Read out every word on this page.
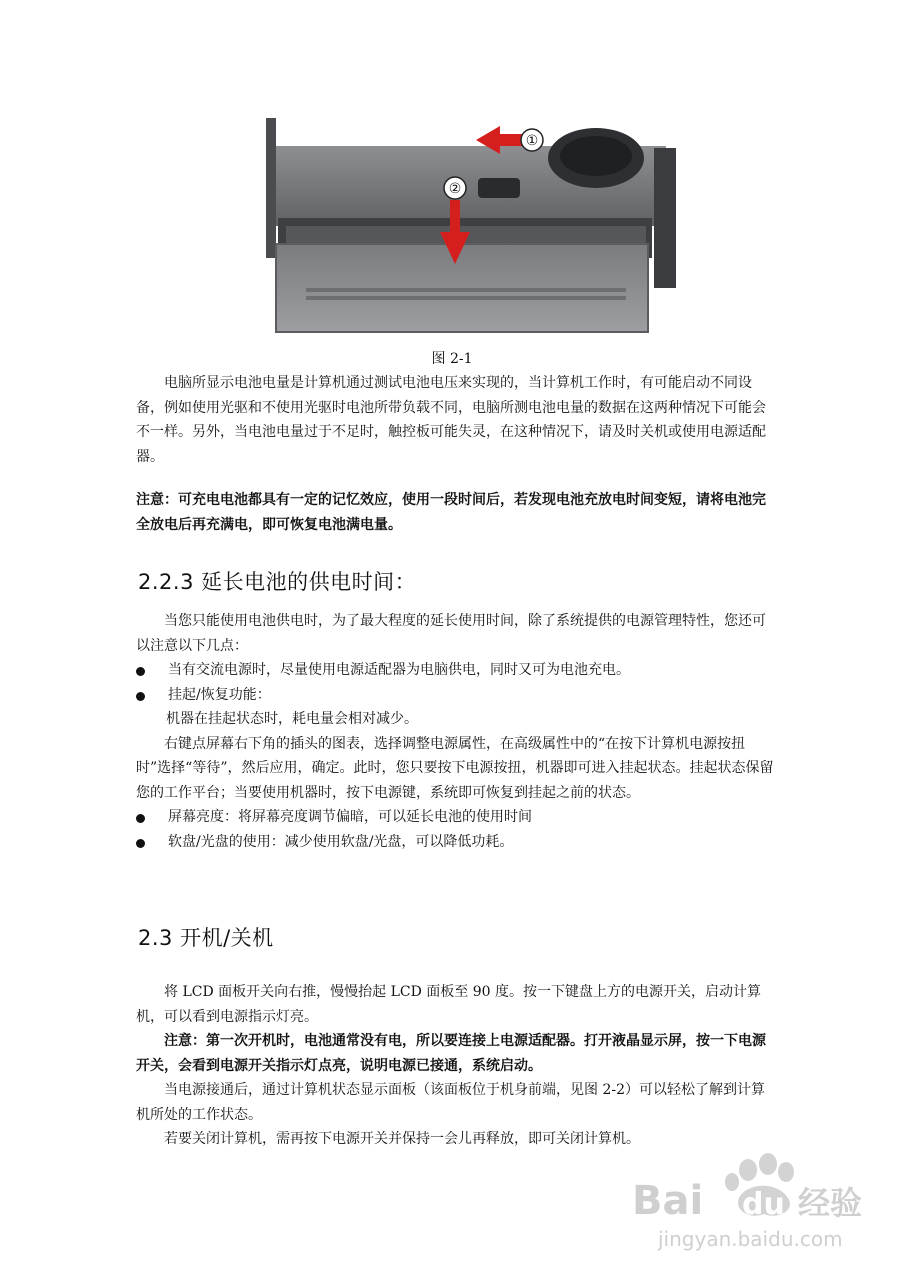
①
②
图 2-1

电脑所显示电池电量是计算机通过测试电池电压来实现的，当计算机工作时，有可能启动不同设备，例如使用光驱和不使用光驱时电池所带负载不同，电脑所测电池电量的数据在这两种情况下可能会不一样。另外，当电池电量过于不足时，触控板可能失灵，在这种情况下，请及时关机或使用电源适配器。

注意：可充电电池都具有一定的记忆效应，使用一段时间后，若发现电池充放电时间变短，请将电池完全放电后再充满电，即可恢复电池满电量。

2.2.3 延长电池的供电时间：

当您只能使用电池供电时，为了最大程度的延长使用时间，除了系统提供的电源管理特性，您还可以注意以下几点：

当有交流电源时，尽量使用电源适配器为电脑供电，同时又可为电池充电。
挂起/恢复功能：
机器在挂起状态时，耗电量会相对减少。

右键点屏幕右下角的插头的图表，选择调整电源属性，在高级属性中的“在按下计算机电源按扭时”选择“等待”，然后应用，确定。此时，您只要按下电源按扭，机器即可进入挂起状态。挂起状态保留您的工作平台；当要使用机器时，按下电源键，系统即可恢复到挂起之前的状态。

屏幕亮度：将屏幕亮度调节偏暗，可以延长电池的使用时间
软盘/光盘的使用：减少使用软盘/光盘，可以降低功耗。
2.3 开机/关机

将 LCD 面板开关向右推，慢慢抬起 LCD 面板至 90 度。按一下键盘上方的电源开关，启动计算机，可以看到电源指示灯亮。

注意：第一次开机时，电池通常没有电，所以要连接上电源适配器。打开液晶显示屏，按一下电源开关，会看到电源开关指示灯点亮，说明电源已接通，系统启动。

当电源接通后，通过计算机状态显示面板（该面板位于机身前端，见图 2-2）可以轻松了解到计算机所处的工作状态。

若要关闭计算机，需再按下电源开关并保持一会儿再释放，即可关闭计算机。

Bai du 经验
jingyan.baidu.com
